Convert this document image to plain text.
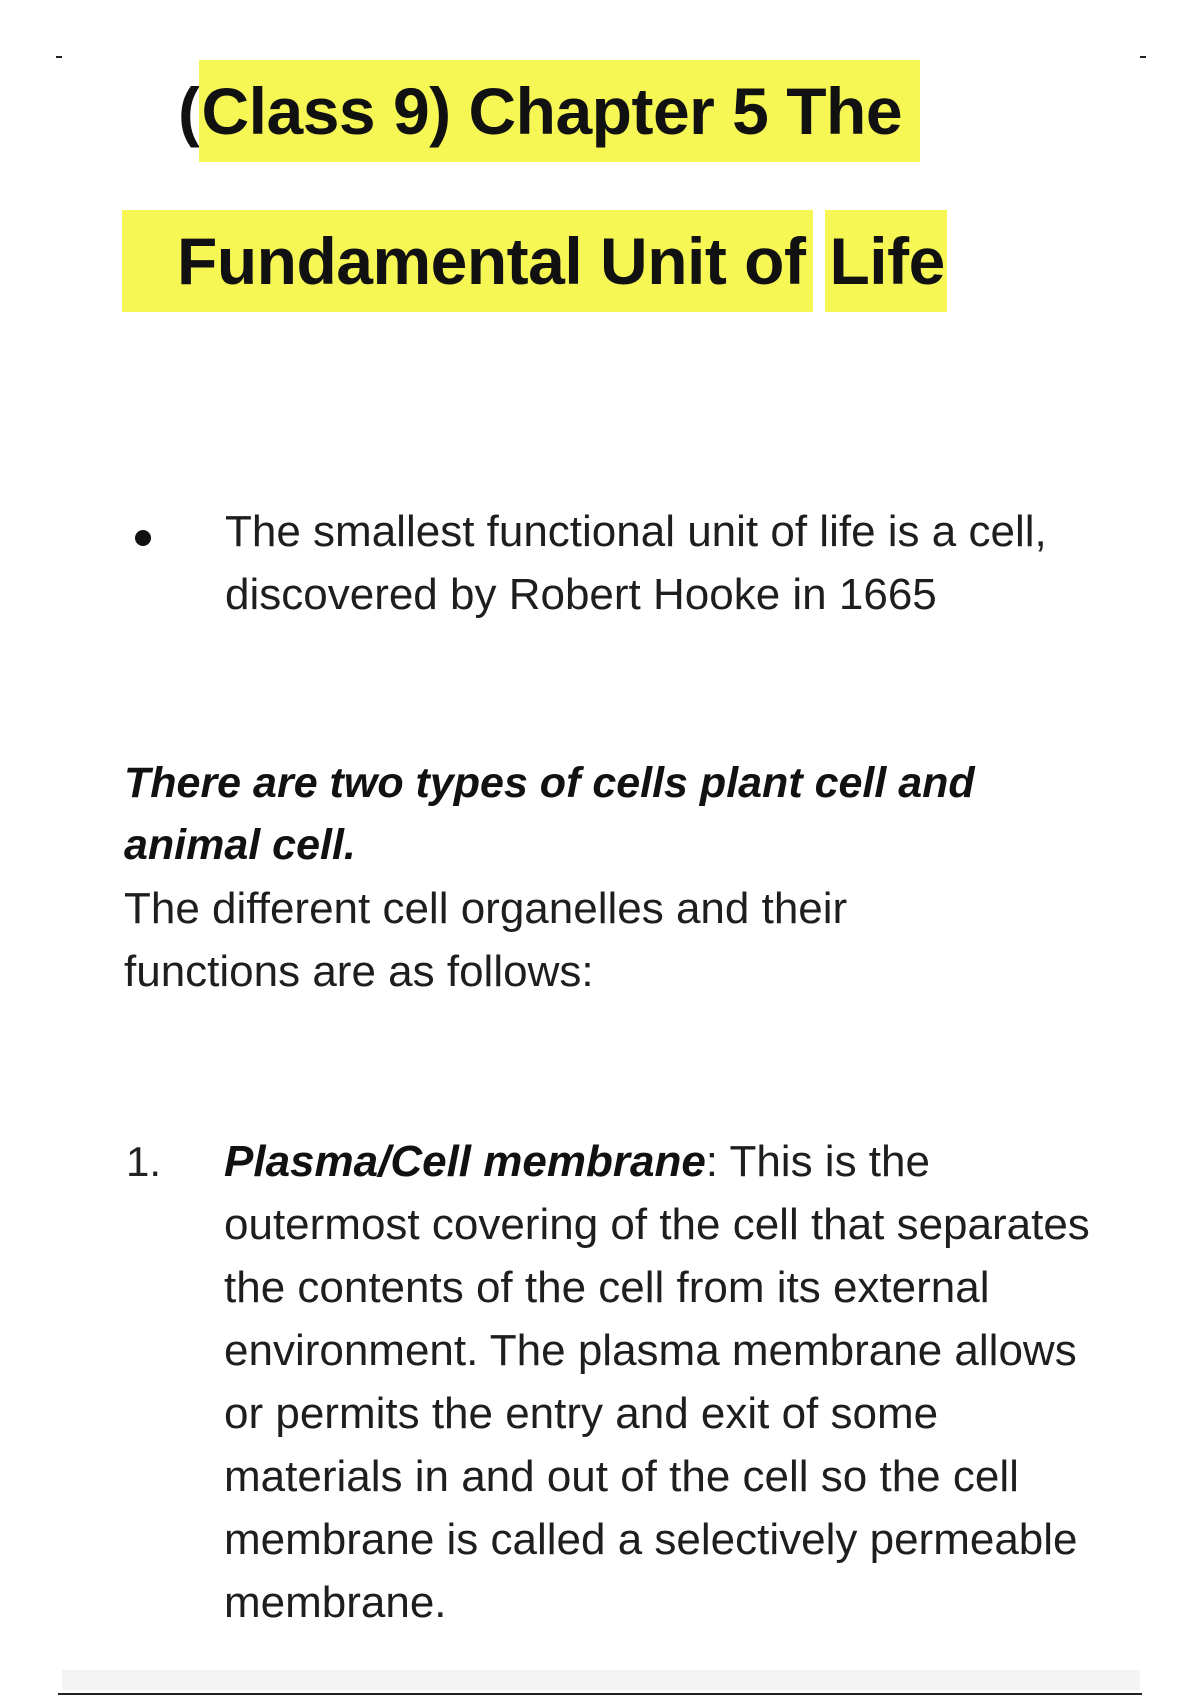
(Class 9) Chapter 5 The
Fundamental Unit of Life
The smallest functional unit of life is a cell, discovered by Robert Hooke in 1665
There are two types of cells plant cell and animal cell.
The different cell organelles and their functions are as follows:
1. Plasma/Cell membrane: This is the outermost covering of the cell that separates the contents of the cell from its external environment. The plasma membrane allows or permits the entry and exit of some materials in and out of the cell so the cell membrane is called a selectively permeable membrane.
